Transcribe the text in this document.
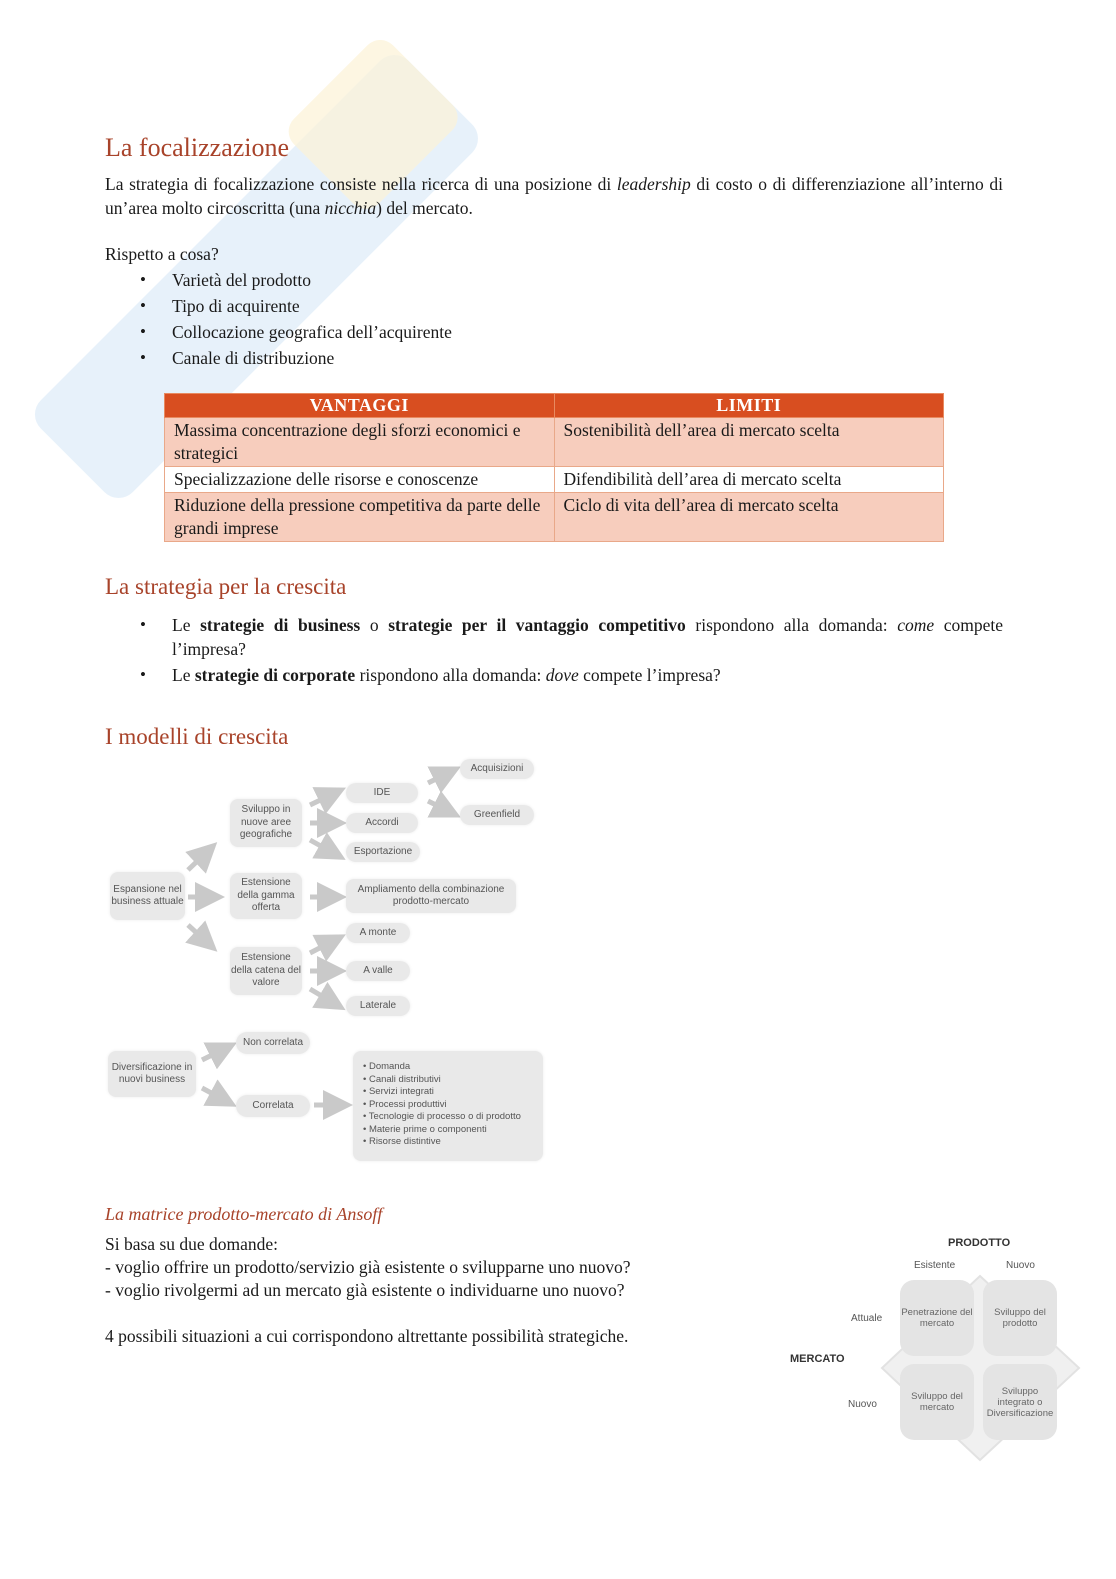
La focalizzazione

La strategia di focalizzazione consiste nella ricerca di una posizione di leadership di costo o di differenziazione all’interno di un’area molto circoscritta (una nicchia) del mercato.

Rispetto a cosa?

• Varietà del prodotto
• Tipo di acquirente
• Collocazione geografica dell’acquirente
• Canale di distribuzione
VANTAGGI	LIMITI
Massima concentrazione degli sforzi economici e strategici	Sostenibilità dell’area di mercato scelta
Specializzazione delle risorse e conoscenze	Difendibilità dell’area di mercato scelta
Riduzione della pressione competitiva da parte delle grandi imprese	Ciclo di vita dell’area di mercato scelta
La strategia per la crescita
• Le strategie di business o strategie per il vantaggio competitivo rispondono alla domanda: come compete l’impresa?
• Le strategie di corporate rispondono alla domanda: dove compete l’impresa?
I modelli di crescita
Espansione nel business attuale
Sviluppo in nuove aree geografiche
Estensione della gamma offerta
Estensione della catena del valore
IDE
Accordi
Esportazione
Acquisizioni
Greenfield
Ampliamento della combinazione prodotto-mercato
A monte
A valle
Laterale
Diversificazione in nuovi business
Non correlata
Correlata
• Domanda
• Canali distributivi
• Servizi integrati
• Processi produttivi
• Tecnologie di processo o di prodotto
• Materie prime o componenti
• Risorse distintive

La matrice prodotto-mercato di Ansoff

Si basa su due domande:

- voglio offrire un prodotto/servizio già esistente o svilupparne uno nuovo?

- voglio rivolgermi ad un mercato già esistente o individuarne uno nuovo?

4 possibili situazioni a cui corrispondono altrettante possibilità strategiche.

PRODOTTO
Esistente	Nuovo
Attuale
MERCATO
Nuovo
Penetrazione del mercato
Sviluppo del prodotto
Sviluppo del mercato
Sviluppo integrato o Diversificazione
